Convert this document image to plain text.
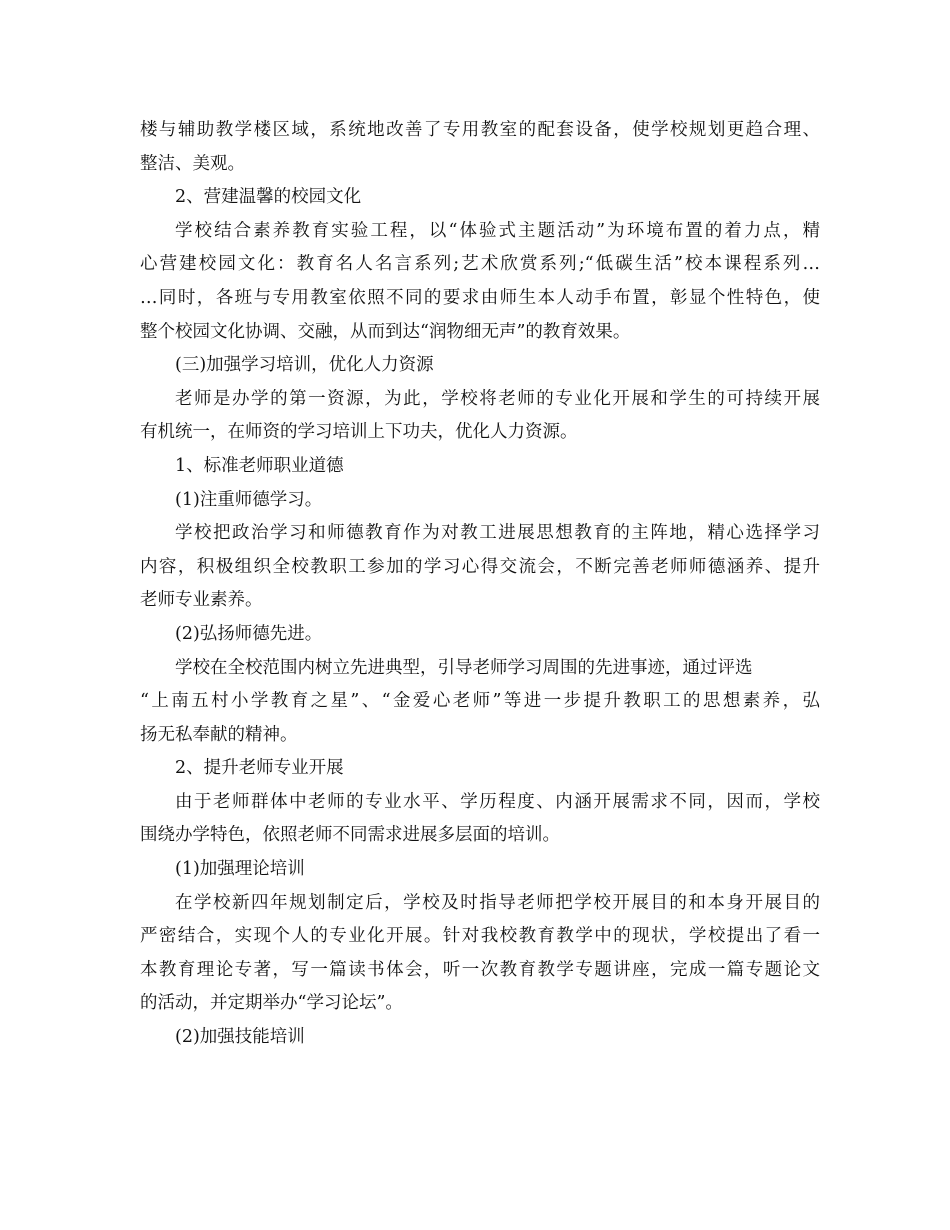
楼与辅助教学楼区域，系统地改善了专用教室的配套设备，使学校规划更趋合理、
整洁、美观。
2、营建温馨的校园文化
学校结合素养教育实验工程，以“体验式主题活动”为环境布置的着力点，精
心营建校园文化：教育名人名言系列;艺术欣赏系列;“低碳生活”校本课程系列…
…同时，各班与专用教室依照不同的要求由师生本人动手布置，彰显个性特色，使
整个校园文化协调、交融，从而到达“润物细无声”的教育效果。
(三)加强学习培训，优化人力资源
老师是办学的第一资源，为此，学校将老师的专业化开展和学生的可持续开展
有机统一，在师资的学习培训上下功夫，优化人力资源。
1、标准老师职业道德
(1)注重师德学习。
学校把政治学习和师德教育作为对教工进展思想教育的主阵地，精心选择学习
内容，积极组织全校教职工参加的学习心得交流会，不断完善老师师德涵养、提升
老师专业素养。
(2)弘扬师德先进。
学校在全校范围内树立先进典型，引导老师学习周围的先进事迹，通过评选
“上南五村小学教育之星”、“金爱心老师”等进一步提升教职工的思想素养，弘
扬无私奉献的精神。
2、提升老师专业开展
由于老师群体中老师的专业水平、学历程度、内涵开展需求不同，因而，学校
围绕办学特色，依照老师不同需求进展多层面的培训。
(1)加强理论培训
在学校新四年规划制定后，学校及时指导老师把学校开展目的和本身开展目的
严密结合，实现个人的专业化开展。针对我校教育教学中的现状，学校提出了看一
本教育理论专著，写一篇读书体会，听一次教育教学专题讲座，完成一篇专题论文
的活动，并定期举办“学习论坛”。
(2)加强技能培训
